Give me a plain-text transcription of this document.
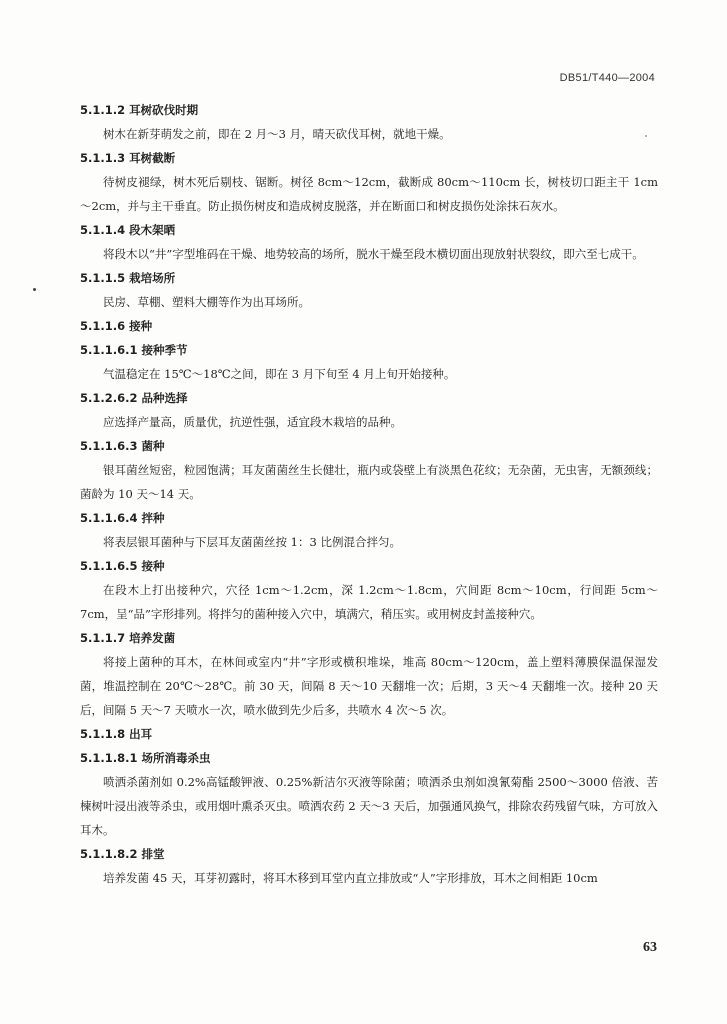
DB51/T440—2004

5.1.1.2 耳树砍伐时期

树木在新芽萌发之前，即在 2 月～3 月，晴天砍伐耳树，就地干燥。

5.1.1.3 耳树截断

待树皮褪绿，树木死后剔枝、锯断。树径 8cm～12cm，截断成 80cm～110cm 长，树枝切口距主干 1cm～2cm，并与主干垂直。防止损伤树皮和造成树皮脱落，并在断面口和树皮损伤处涂抹石灰水。

5.1.1.4 段木架晒

将段木以“井”字型堆码在干燥、地势较高的场所，脱水干燥至段木横切面出现放射状裂纹，即六至七成干。

5.1.1.5 栽培场所

民房、草棚、塑料大棚等作为出耳场所。

5.1.1.6 接种

5.1.1.6.1 接种季节

气温稳定在 15℃～18℃之间，即在 3 月下旬至 4 月上旬开始接种。

5.1.2.6.2 品种选择

应选择产量高，质量优，抗逆性强，适宜段木栽培的品种。

5.1.1.6.3 菌种

银耳菌丝短密，粒园饱满；耳友菌菌丝生长健壮，瓶内或袋壁上有淡黑色花纹；无杂菌，无虫害，无额颈线；菌龄为 10 天～14 天。

5.1.1.6.4 拌种

将表层银耳菌种与下层耳友菌菌丝按 1：3 比例混合拌匀。

5.1.1.6.5 接种

在段木上打出接种穴，穴径 1cm～1.2cm，深 1.2cm～1.8cm，穴间距 8cm～10cm，行间距 5cm～7cm，呈“品”字形排列。将拌匀的菌种接入穴中，填满穴，稍压实。或用树皮封盖接种穴。

5.1.1.7 培养发菌

将接上菌种的耳木，在林间或室内“井”字形或横积堆垛，堆高 80cm～120cm，盖上塑料薄膜保温保湿发菌，堆温控制在 20℃～28℃。前 30 天，间隔 8 天～10 天翻堆一次；后期，3 天～4 天翻堆一次。接种 20 天后，间隔 5 天～7 天喷水一次，喷水做到先少后多，共喷水 4 次～5 次。

5.1.1.8 出耳

5.1.1.8.1 场所消毒杀虫

喷洒杀菌剂如 0.2%高锰酸钾液、0.25%新洁尔灭液等除菌；喷洒杀虫剂如溴氰菊酯 2500～3000 倍液、苦楝树叶浸出液等杀虫，或用烟叶熏杀灭虫。喷洒农药 2 天～3 天后，加强通风换气，排除农药残留气味，方可放入耳木。

5.1.1.8.2 排堂

培养发菌 45 天，耳芽初露时，将耳木移到耳堂内直立排放或“人”字形排放，耳木之间相距 10cm

63
